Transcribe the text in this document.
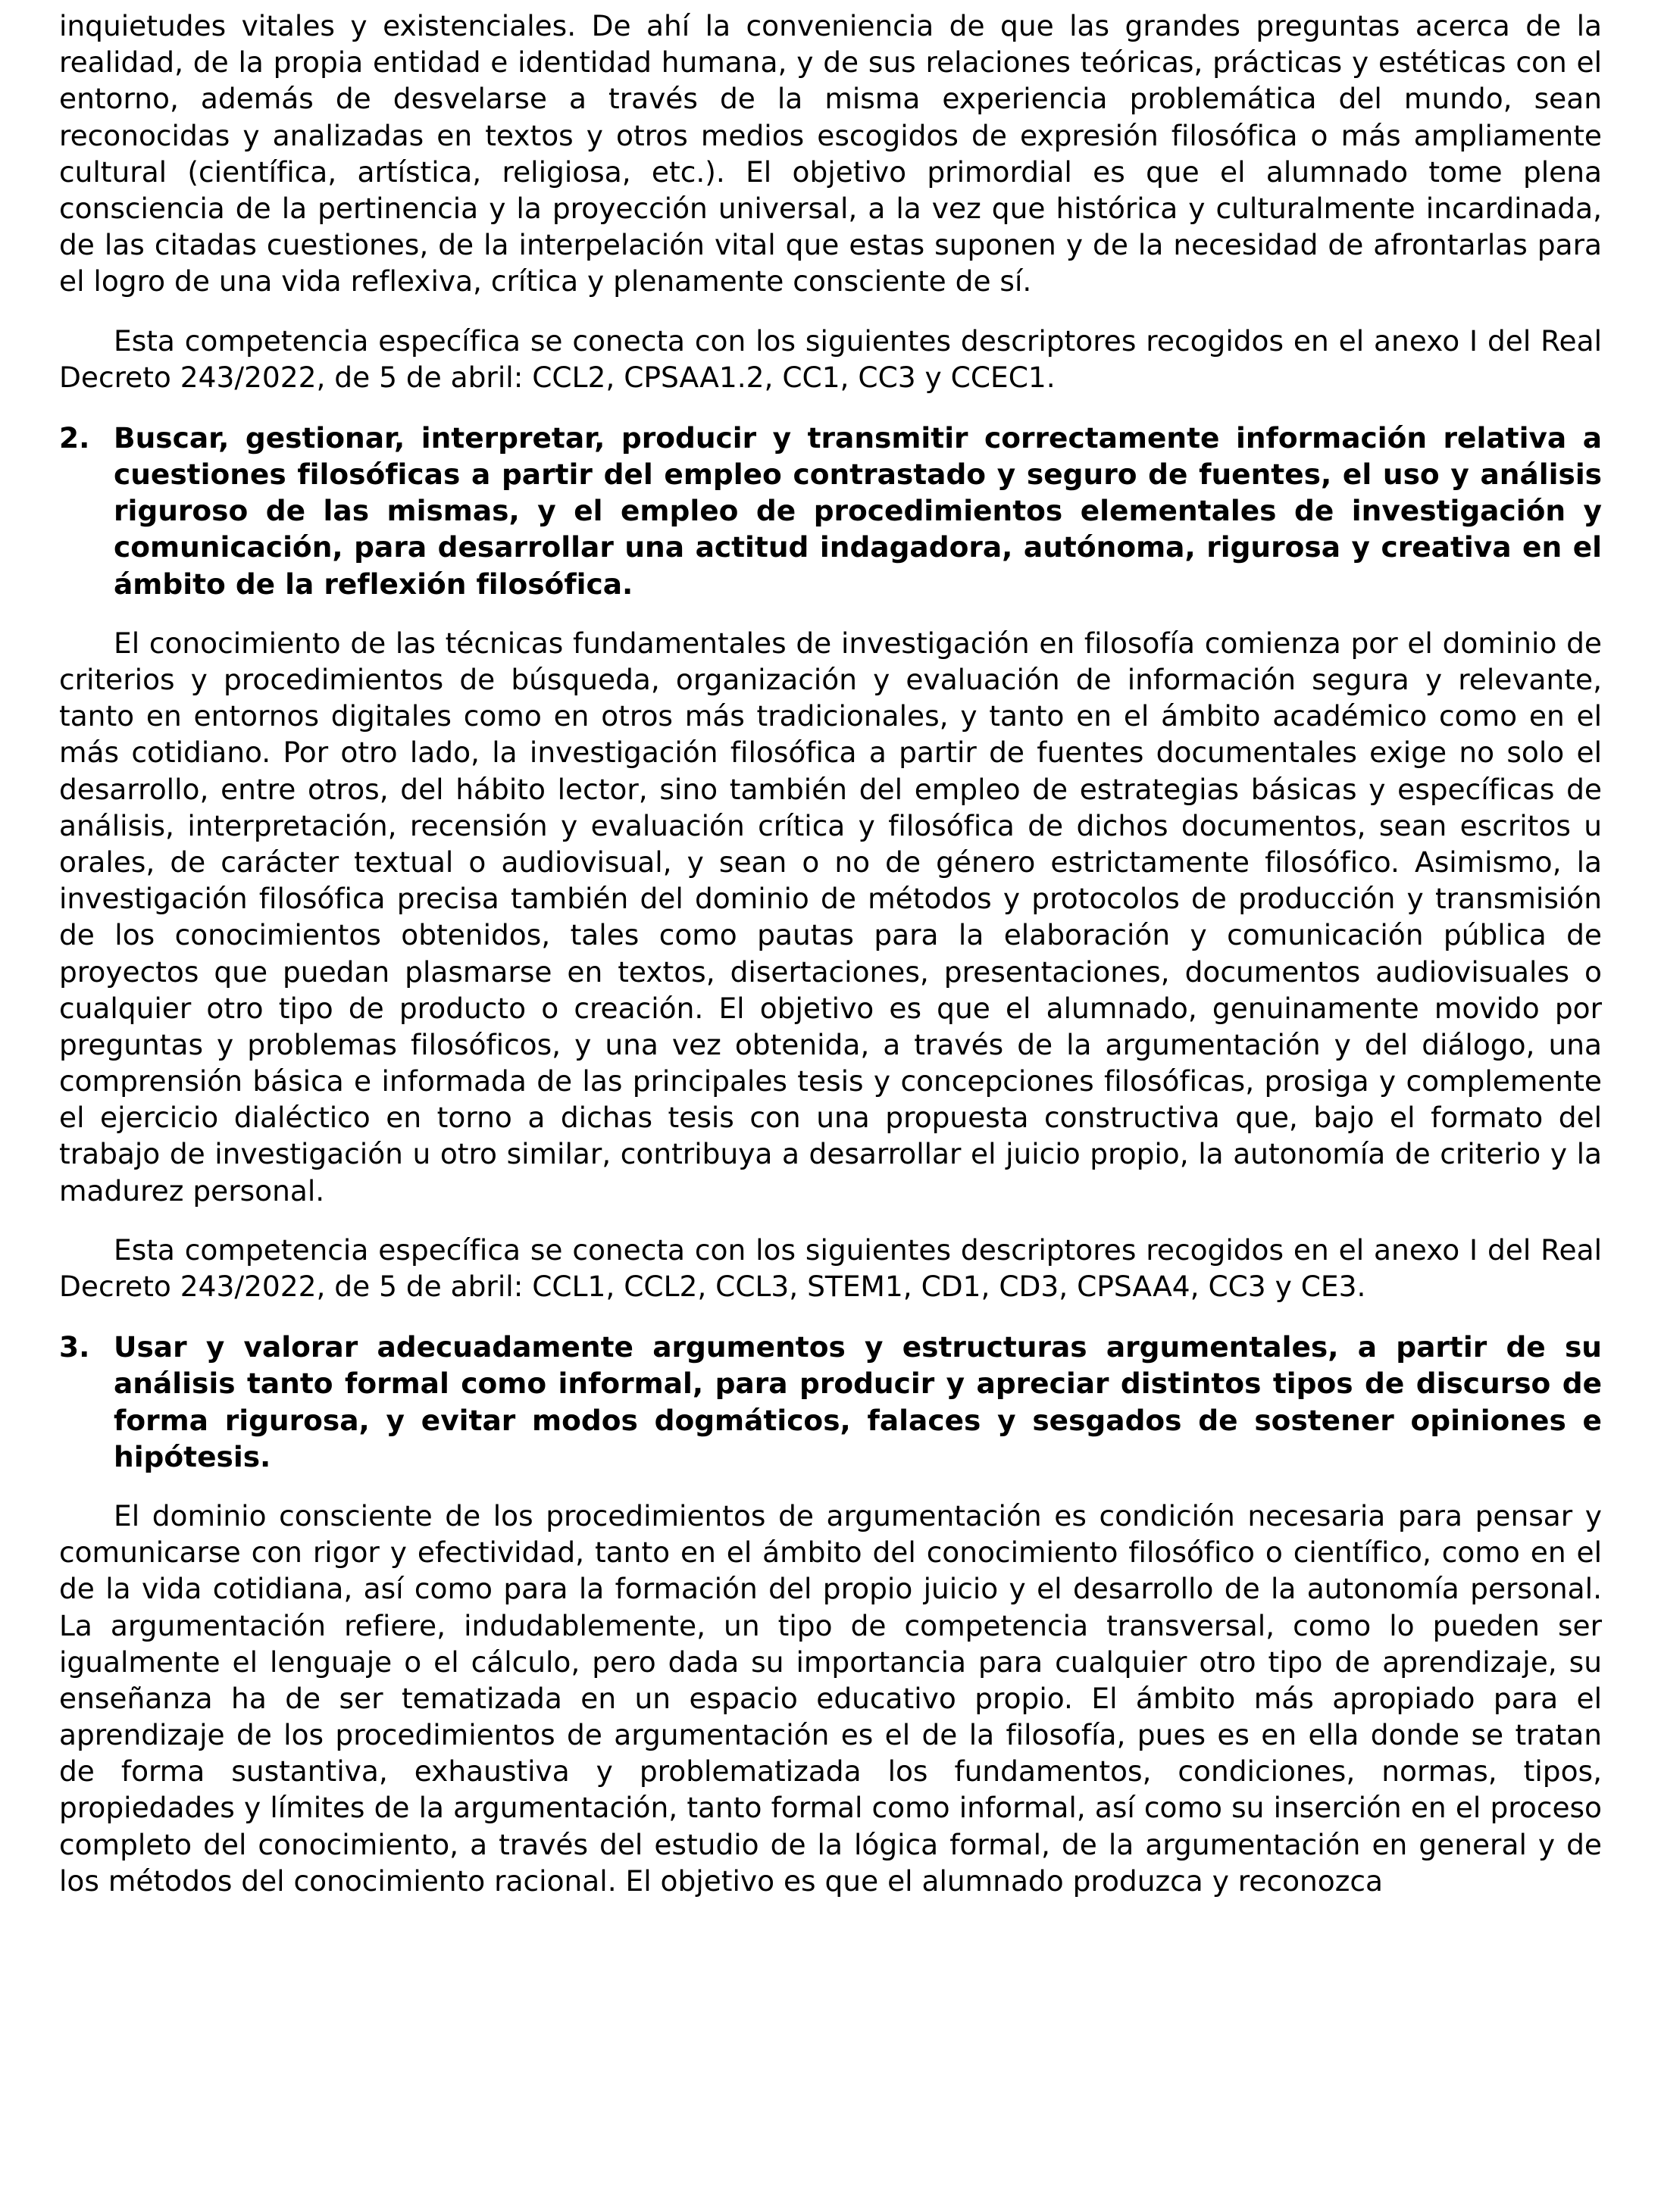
inquietudes vitales y existenciales. De ahí la conveniencia de que las grandes preguntas acerca de la realidad, de la propia entidad e identidad humana, y de sus relaciones teóricas, prácticas y estéticas con el entorno, además de desvelarse a través de la misma experiencia problemática del mundo, sean reconocidas y analizadas en textos y otros medios escogidos de expresión filosófica o más ampliamente cultural (científica, artística, religiosa, etc.). El objetivo primordial es que el alumnado tome plena consciencia de la pertinencia y la proyección universal, a la vez que histórica y culturalmente incardinada, de las citadas cuestiones, de la interpelación vital que estas suponen y de la necesidad de afrontarlas para el logro de una vida reflexiva, crítica y plenamente consciente de sí.

Esta competencia específica se conecta con los siguientes descriptores recogidos en el anexo I del Real Decreto 243/2022, de 5 de abril: CCL2, CPSAA1.2, CC1, CC3 y CCEC1.

2. Buscar, gestionar, interpretar, producir y transmitir correctamente información relativa a cuestiones filosóficas a partir del empleo contrastado y seguro de fuentes, el uso y análisis riguroso de las mismas, y el empleo de procedimientos elementales de investigación y comunicación, para desarrollar una actitud indagadora, autónoma, rigurosa y creativa en el ámbito de la reflexión filosófica.

El conocimiento de las técnicas fundamentales de investigación en filosofía comienza por el dominio de criterios y procedimientos de búsqueda, organización y evaluación de información segura y relevante, tanto en entornos digitales como en otros más tradicionales, y tanto en el ámbito académico como en el más cotidiano. Por otro lado, la investigación filosófica a partir de fuentes documentales exige no solo el desarrollo, entre otros, del hábito lector, sino también del empleo de estrategias básicas y específicas de análisis, interpretación, recensión y evaluación crítica y filosófica de dichos documentos, sean escritos u orales, de carácter textual o audiovisual, y sean o no de género estrictamente filosófico. Asimismo, la investigación filosófica precisa también del dominio de métodos y protocolos de producción y transmisión de los conocimientos obtenidos, tales como pautas para la elaboración y comunicación pública de proyectos que puedan plasmarse en textos, disertaciones, presentaciones, documentos audiovisuales o cualquier otro tipo de producto o creación. El objetivo es que el alumnado, genuinamente movido por preguntas y problemas filosóficos, y una vez obtenida, a través de la argumentación y del diálogo, una comprensión básica e informada de las principales tesis y concepciones filosóficas, prosiga y complemente el ejercicio dialéctico en torno a dichas tesis con una propuesta constructiva que, bajo el formato del trabajo de investigación u otro similar, contribuya a desarrollar el juicio propio, la autonomía de criterio y la madurez personal.

Esta competencia específica se conecta con los siguientes descriptores recogidos en el anexo I del Real Decreto 243/2022, de 5 de abril: CCL1, CCL2, CCL3, STEM1, CD1, CD3, CPSAA4, CC3 y CE3.

3. Usar y valorar adecuadamente argumentos y estructuras argumentales, a partir de su análisis tanto formal como informal, para producir y apreciar distintos tipos de discurso de forma rigurosa, y evitar modos dogmáticos, falaces y sesgados de sostener opiniones e hipótesis.

El dominio consciente de los procedimientos de argumentación es condición necesaria para pensar y comunicarse con rigor y efectividad, tanto en el ámbito del conocimiento filosófico o científico, como en el de la vida cotidiana, así como para la formación del propio juicio y el desarrollo de la autonomía personal. La argumentación refiere, indudablemente, un tipo de competencia transversal, como lo pueden ser igualmente el lenguaje o el cálculo, pero dada su importancia para cualquier otro tipo de aprendizaje, su enseñanza ha de ser tematizada en un espacio educativo propio. El ámbito más apropiado para el aprendizaje de los procedimientos de argumentación es el de la filosofía, pues es en ella donde se tratan de forma sustantiva, exhaustiva y problematizada los fundamentos, condiciones, normas, tipos, propiedades y límites de la argumentación, tanto formal como informal, así como su inserción en el proceso completo del conocimiento, a través del estudio de la lógica formal, de la argumentación en general y de los métodos del conocimiento racional. El objetivo es que el alumnado produzca y reconozca
